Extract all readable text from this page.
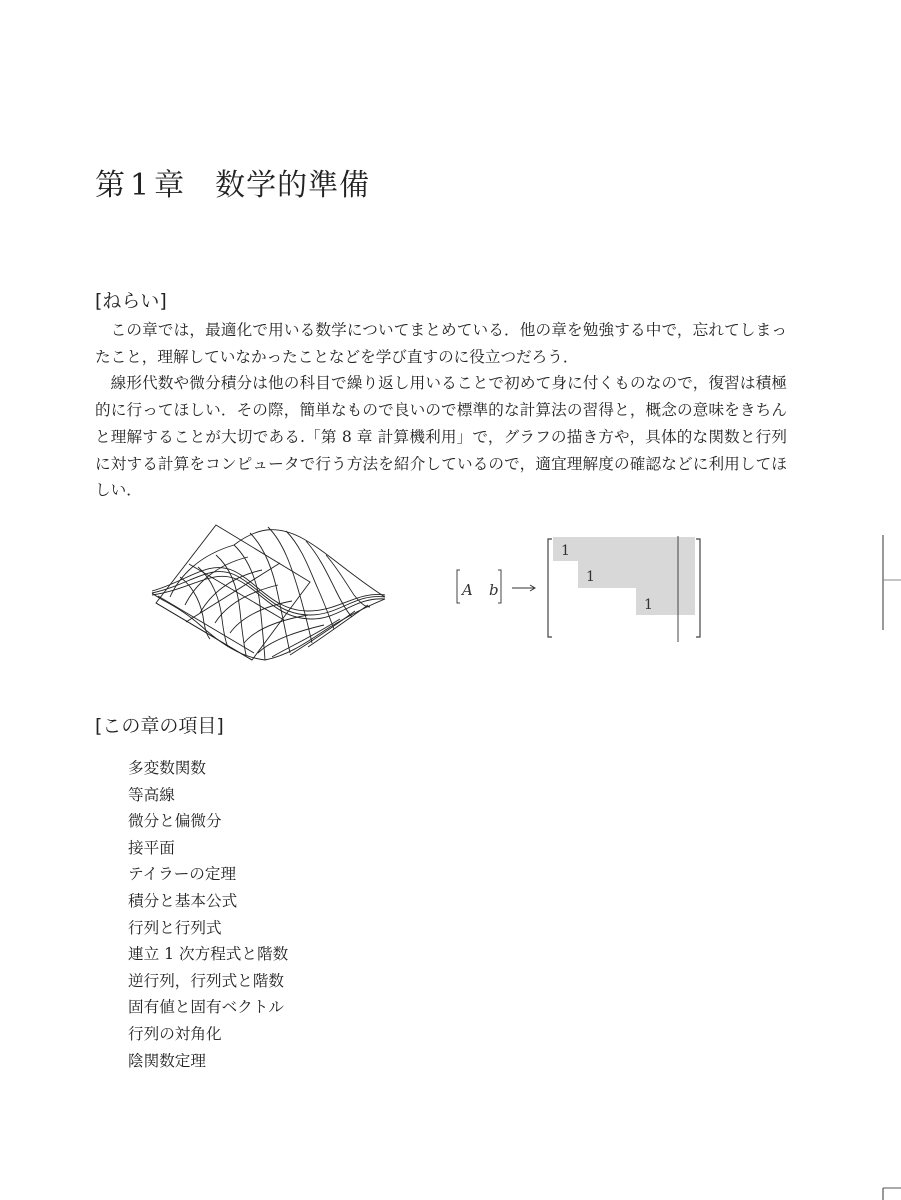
第 1 章 数学的準備
[ねらい]

この章では，最適化で用いる数学についてまとめている．他の章を勉強する中で，忘れてしまったこと，理解していなかったことなどを学び直すのに役立つだろう．

線形代数や微分積分は他の科目で繰り返し用いることで初めて身に付くものなので，復習は積極的に行ってほしい．その際，簡単なもので良いので標準的な計算法の習得と，概念の意味をきちんと理解することが大切である.「第 8 章 計算機利用」で，グラフの描き方や，具体的な関数と行列に対する計算をコンピュータで行う方法を紹介しているので，適宜理解度の確認などに利用してほしい．

A b
1
1
1
[この章の項目]
多変数関数
等高線
微分と偏微分
接平面
テイラーの定理
積分と基本公式
行列と行列式
連立 1 次方程式と階数
逆行列，行列式と階数
固有値と固有ベクトル
行列の対角化
陰関数定理
